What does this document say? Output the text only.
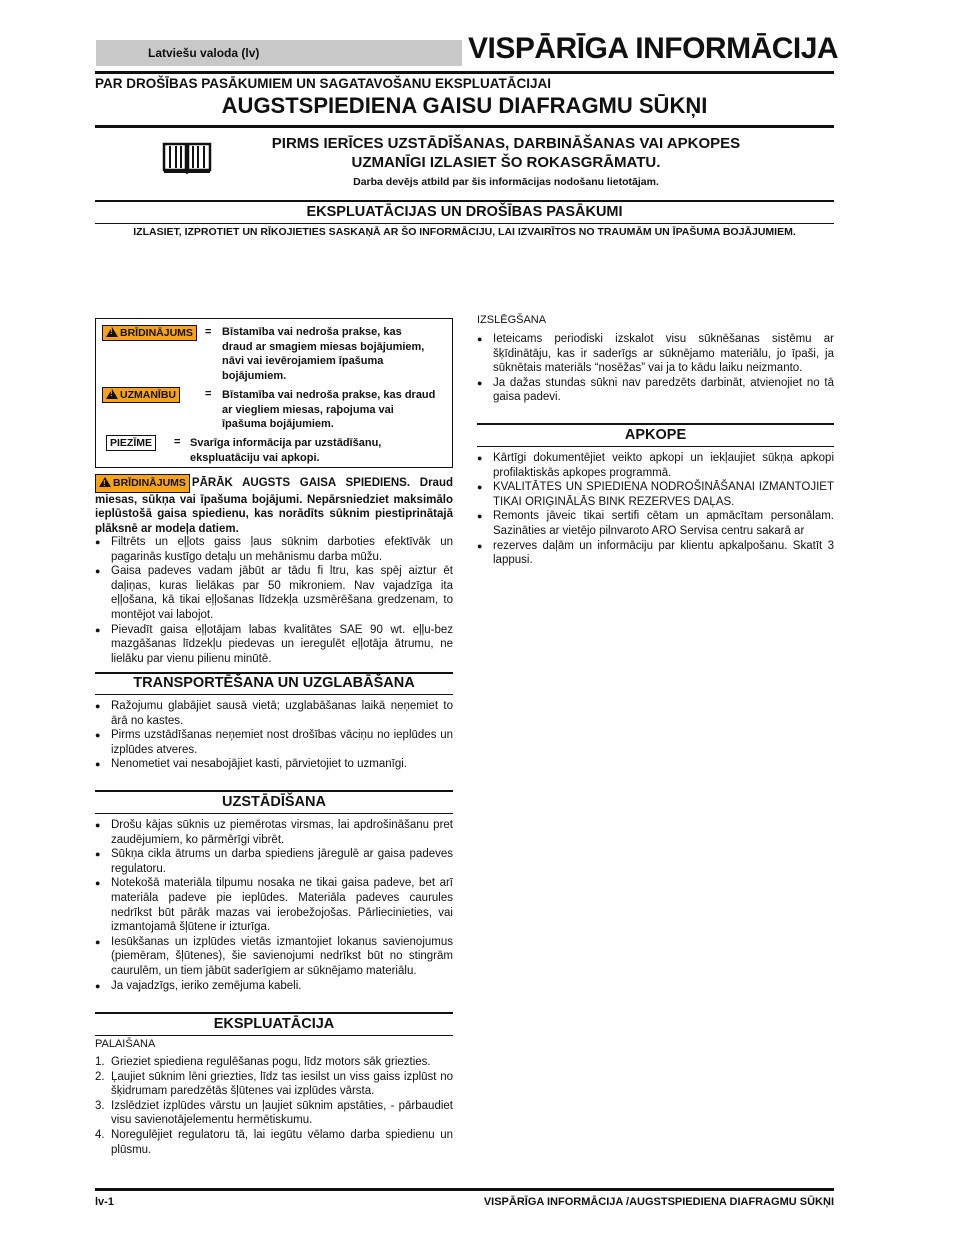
Latviešu valoda (lv)	VISPĀRĪGA INFORMĀCIJA
PAR DROŠĪBAS PASĀKUMIEM UN SAGATAVOŠANU EKSPLUATĀCIJAI
AUGSTSPIEDIENA GAISU DIAFRAGMU SŪKŅI
PIRMS IERĪCES UZSTĀDĪŠANAS, DARBINĀŠANAS VAI APKOPES
UZMANĪGI IZLASIET ŠO ROKASGRĀMATU.
Darba devējs atbild par šis informācijas nodošanu lietotājam.
EKSPLUATĀCIJAS UN DROŠĪBAS PASĀKUMI
IZLASIET, IZPROTIET UN RĪKOJIETIES SASKAŅĀ AR ŠO INFORMĀCIJU, LAI IZVAIRĪTOS NO TRAUMĀM UN ĪPAŠUMA BOJĀJUMIEM.
!BRĪDINĀJUMS	= Bīstamība vai nedroša prakse, kas draud ar smagiem miesas bojājumiem, nāvi vai ievērojamiem īpašuma bojājumiem.
!UZMANĪBU	= Bīstamība vai nedroša prakse, kas draud ar viegliem miesas, raþojuma vai īpašuma bojājumiem.
PIEZĪME	= Svarīga informācija par uzstādīšanu, ekspluatāciju vai apkopi.
!BRĪDINĀJUMS PĀRĀK AUGSTS GAISA SPIEDIENS. Draud miesas, sūkņa vai īpašuma bojājumi. Nepārsniedziet maksimālo ieplūstošā gaisa spiedienu, kas norādīts sūknim piestiprinātajā plāksnē ar modeļa datiem.
● Filtrēts un eļļots gaiss ļaus sūknim darboties efektīvāk un pagarinās kustīgo detaļu un mehānismu darba mūžu.
● Gaisa padeves vadam jābūt ar tādu fi ltru, kas spēj aiztur ēt daļiņas, kuras lielākas par 50 mikroniem. Nav vajadzīga ita eļļošana, kā tikai eļļošanas līdzekļa uzsmērēšana gredzenam, to montējot vai labojot.
● Pievadīt gaisa eļļotājam labas kvalitātes SAE 90 wt. eļļu-bez mazgāšanas līdzekļu piedevas un ieregulēt eļļotāja ātrumu, ne lielāku par vienu pilienu minūtē.
TRANSPORTĒŠANA UN UZGLABĀŠANA
● Ražojumu glabājiet sausā vietā; uzglabāšanas laikā neņemiet to ārā no kastes.
● Pirms uzstādīšanas neņemiet nost drošības vāciņu no ieplūdes un izplūdes atveres.
● Nenometiet vai nesabojājiet kasti, pārvietojiet to uzmanīgi.
UZSTĀDĪŠANA
● Drošu kājas sūknis uz piemērotas virsmas, lai apdrošināšanu pret zaudējumiem, ko pārmērīgi vibrēt.
● Sūkņa cikla ātrums un darba spiediens jāregulē ar gaisa padeves regulatoru.
● Notekošā materiāla tilpumu nosaka ne tikai gaisa padeve, bet arī materiāla padeve pie ieplūdes. Materiāla padeves caurules nedrīkst būt pārāk mazas vai ierobežojošas. Pārliecinieties, vai izmantojamā šļūtene ir izturīga.
● Iesūkšanas un izplūdes vietās izmantojiet lokanus savienojumus (piemēram, šļūtenes), šie savienojumi nedrīkst būt no stingrām caurulēm, un tiem jābūt saderīgiem ar sūknējamo materiālu.
● Ja vajadzīgs, ieriko zemējuma kabeli.
EKSPLUATĀCIJA
PALAIŠANA
1. Grieziet spiediena regulēšanas pogu, līdz motors sāk griezties.
2. Ļaujiet sūknim lēni griezties, līdz tas iesilst un viss gaiss izplūst no šķidrumam paredzētās šļūtenes vai izplūdes vārsta.
3. Izslēdziet izplūdes vārstu un ļaujiet sūknim apstāties, - pārbaudiet visu savienotājelementu hermētiskumu.
4. Noregulējiet regulatoru tā, lai iegūtu vēlamo darba spiedienu un plūsmu.
IZSLĒGŠANA
● Ieteicams periodiski izskalot visu sūknēšanas sistēmu ar šķīdinātāju, kas ir saderīgs ar sūknējamo materiālu, jo īpaši, ja sūknētais materiāls “nosēžas” vai ja to kādu laiku neizmanto.
● Ja dažas stundas sūkni nav paredzēts darbināt, atvienojiet no tā gaisa padevi.
APKOPE
● Kārtīgi dokumentējiet veikto apkopi un iekļaujiet sūkņa apkopi profilaktiskās apkopes programmā.
● KVALITĀTES UN SPIEDIENA NODROŠINĀŠANAI IZMANTOJIET TIKAI ORIĢINĀLĀS BINK REZERVES DAĻAS.
● Remonts jāveic tikai sertifi cētam un apmācītam personālam. Sazināties ar vietējo pilnvaroto ARO Servisa centru sakarā ar
● rezerves daļām un informāciju par klientu apkalpošanu. Skatīt 3 lappusi.
lv-1	VISPĀRĪGA INFORMĀCIJA /AUGSTSPIEDIENA DIAFRAGMU SŪKŅI
